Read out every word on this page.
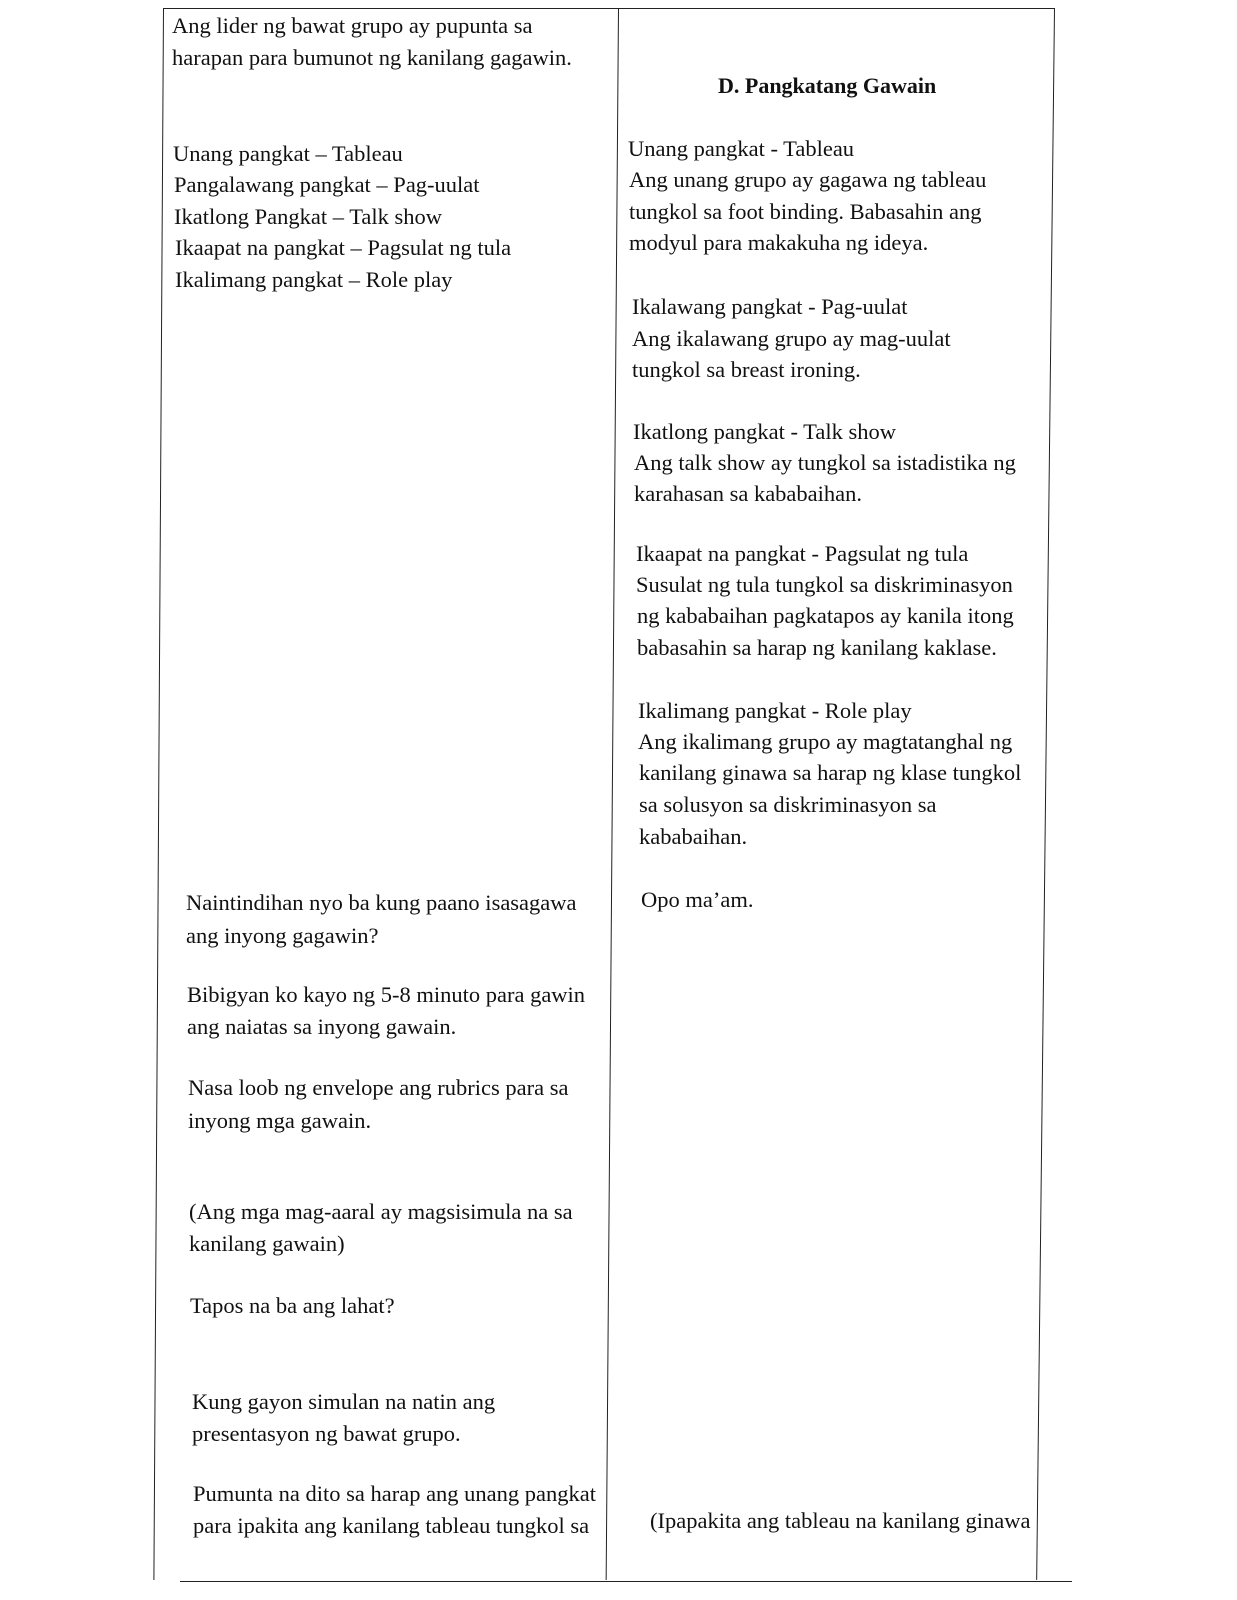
Ang lider ng bawat grupo ay pupunta sa

harapan para bumunot ng kanilang gagawin.

Unang pangkat – Tableau

Pangalawang pangkat – Pag-uulat

Ikatlong Pangkat – Talk show

Ikaapat na pangkat – Pagsulat ng tula

Ikalimang pangkat – Role play

Naintindihan nyo ba kung paano isasagawa

ang inyong gagawin?

Bibigyan ko kayo ng 5-8 minuto para gawin

ang naiatas sa inyong gawain.

Nasa loob ng envelope ang rubrics para sa

inyong mga gawain.

(Ang mga mag-aaral ay magsisimula na sa

kanilang gawain)

Tapos na ba ang lahat?

Kung gayon simulan na natin ang

presentasyon ng bawat grupo.

Pumunta na dito sa harap ang unang pangkat

para ipakita ang kanilang tableau tungkol sa

D. Pangkatang Gawain

Unang pangkat - Tableau

Ang unang grupo ay gagawa ng tableau

tungkol sa foot binding. Babasahin ang

modyul para makakuha ng ideya.

Ikalawang pangkat - Pag-uulat

Ang ikalawang grupo ay mag-uulat

tungkol sa breast ironing.

Ikatlong pangkat - Talk show

Ang talk show ay tungkol sa istadistika ng

karahasan sa kababaihan.

Ikaapat na pangkat - Pagsulat ng tula

Susulat ng tula tungkol sa diskriminasyon

ng kababaihan pagkatapos ay kanila itong

babasahin sa harap ng kanilang kaklase.

Ikalimang pangkat - Role play

Ang ikalimang grupo ay magtatanghal ng

kanilang ginawa sa harap ng klase tungkol

sa solusyon sa diskriminasyon sa

kababaihan.

Opo ma’am.

(Ipapakita ang tableau na kanilang ginawa
